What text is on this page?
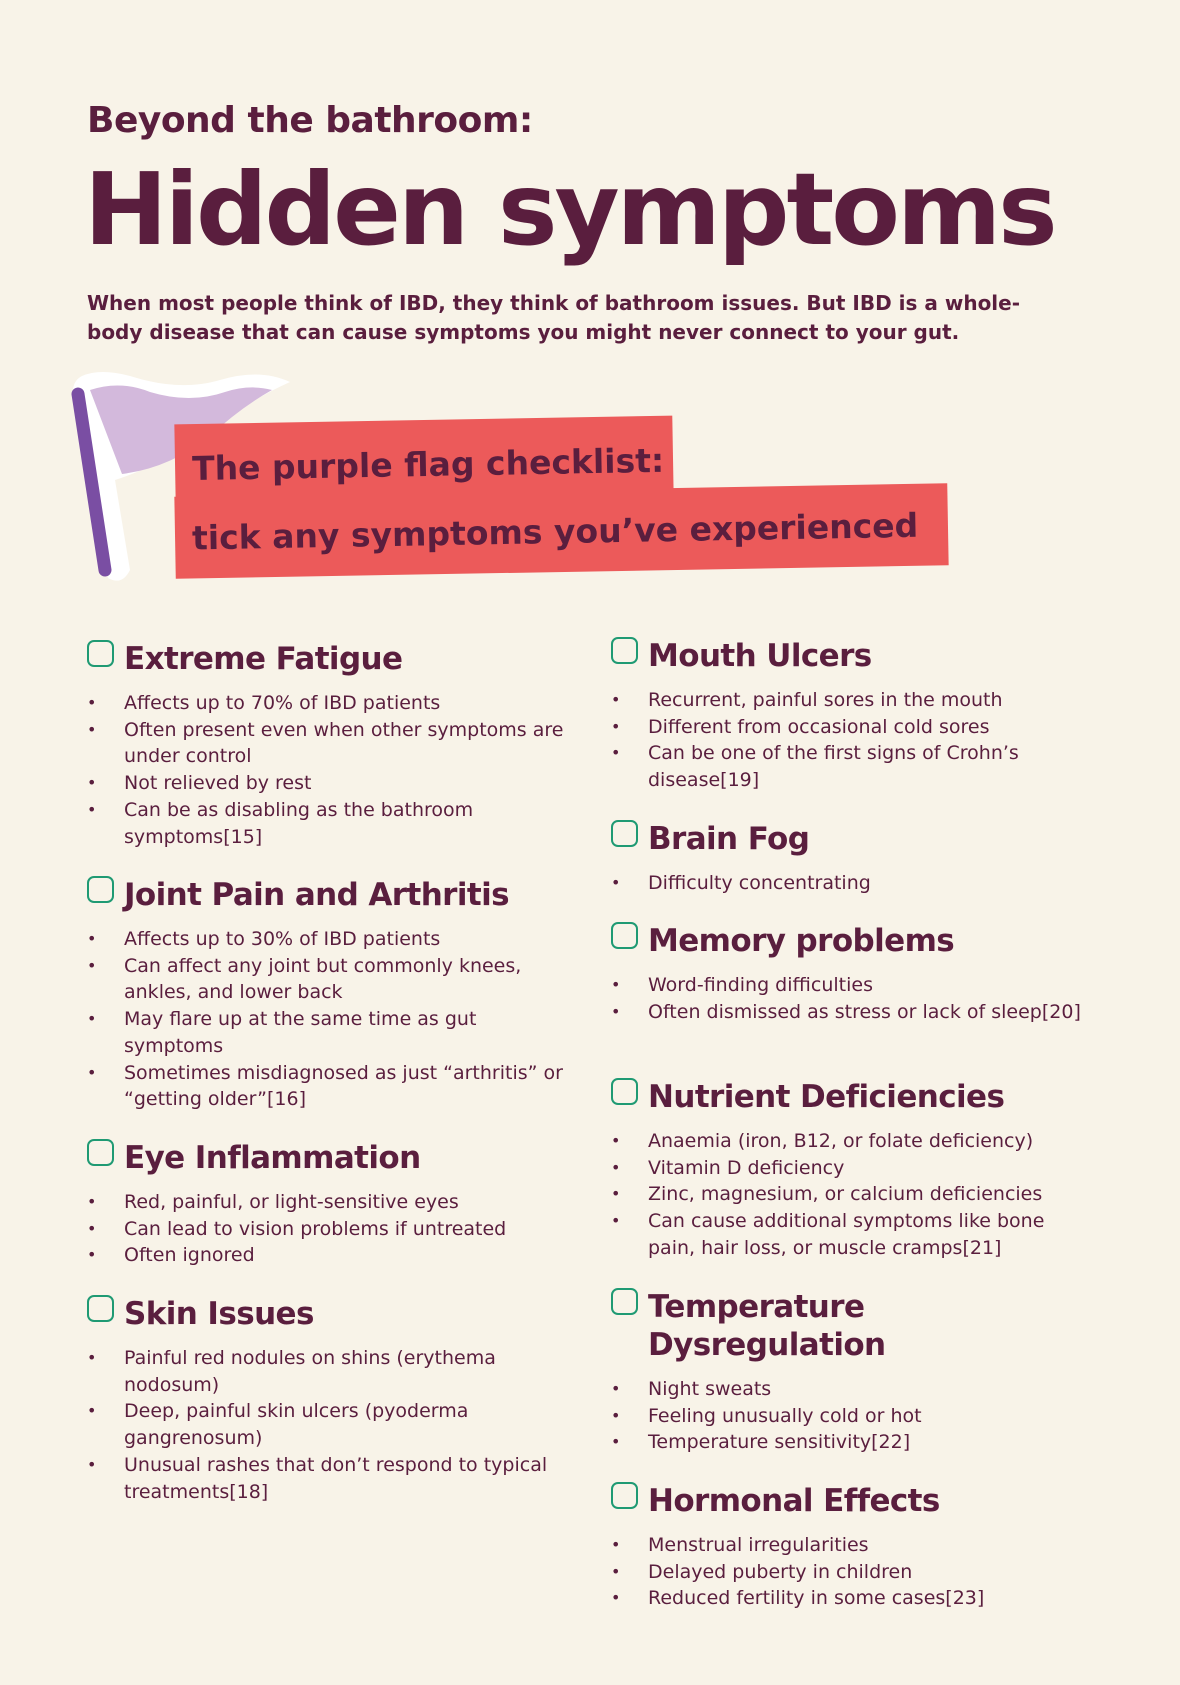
Beyond the bathroom:
Hidden symptoms

When most people think of IBD, they think of bathroom issues. But IBD is a whole-body disease that can cause symptoms you might never connect to your gut.

The purple flag checklist:
tick any symptoms you’ve experienced
Extreme Fatigue
• Affects up to 70% of IBD patients
• Often present even when other symptoms are under control
• Not relieved by rest
• Can be as disabling as the bathroom symptoms[15]
Joint Pain and Arthritis
• Affects up to 30% of IBD patients
• Can affect any joint but commonly knees, ankles, and lower back
• May flare up at the same time as gut symptoms
• Sometimes misdiagnosed as just “arthritis” or “getting older”[16]
Eye Inflammation
• Red, painful, or light-sensitive eyes
• Can lead to vision problems if untreated
• Often ignored
Skin Issues
• Painful red nodules on shins (erythema nodosum)
• Deep, painful skin ulcers (pyoderma gangrenosum)
• Unusual rashes that don’t respond to typical treatments[18]
Mouth Ulcers
• Recurrent, painful sores in the mouth
• Different from occasional cold sores
• Can be one of the first signs of Crohn’s disease[19]
Brain Fog
• Difficulty concentrating
Memory problems
• Word-finding difficulties
• Often dismissed as stress or lack of sleep[20]
Nutrient Deficiencies
• Anaemia (iron, B12, or folate deficiency)
• Vitamin D deficiency
• Zinc, magnesium, or calcium deficiencies
• Can cause additional symptoms like bone pain, hair loss, or muscle cramps[21]
Temperature Dysregulation
• Night sweats
• Feeling unusually cold or hot
• Temperature sensitivity[22]
Hormonal Effects
• Menstrual irregularities
• Delayed puberty in children
• Reduced fertility in some cases[23]
